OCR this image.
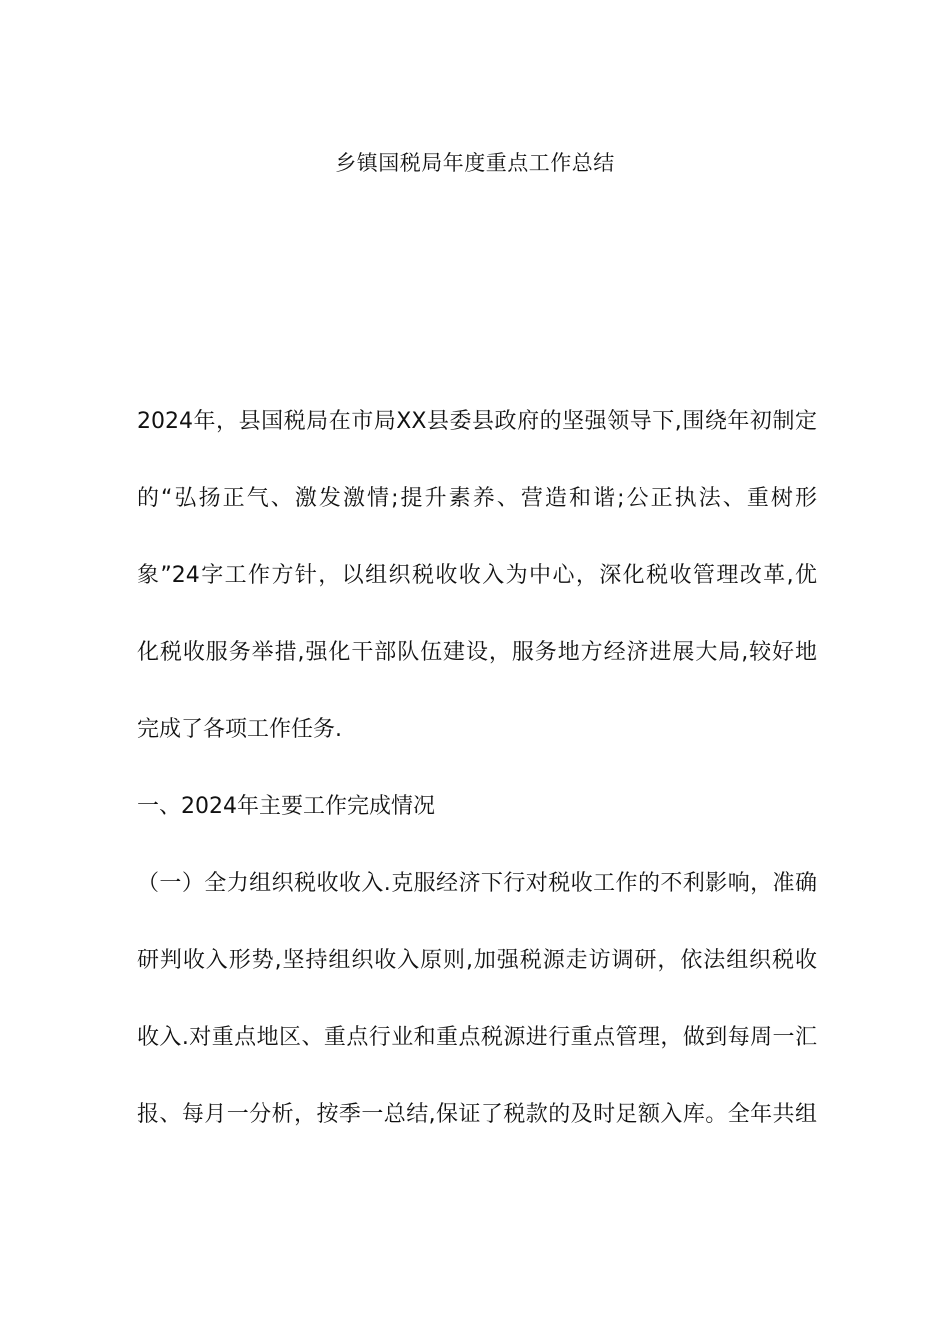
乡镇国税局年度重点工作总结
2024年，县国税局在市局XX县委县政府的坚强领导下,围绕年初制定
的“弘扬正气、激发激情;提升素养、营造和谐;公正执法、重树形
象”24字工作方针，以组织税收收入为中心，深化税收管理改革,优
化税收服务举措,强化干部队伍建设，服务地方经济进展大局,较好地
完成了各项工作任务.
一、2024年主要工作完成情况
（一）全力组织税收收入.克服经济下行对税收工作的不利影响，准确
研判收入形势,坚持组织收入原则,加强税源走访调研，依法组织税收
收入.对重点地区、重点行业和重点税源进行重点管理，做到每周一汇
报、每月一分析，按季一总结,保证了税款的及时足额入库。全年共组
